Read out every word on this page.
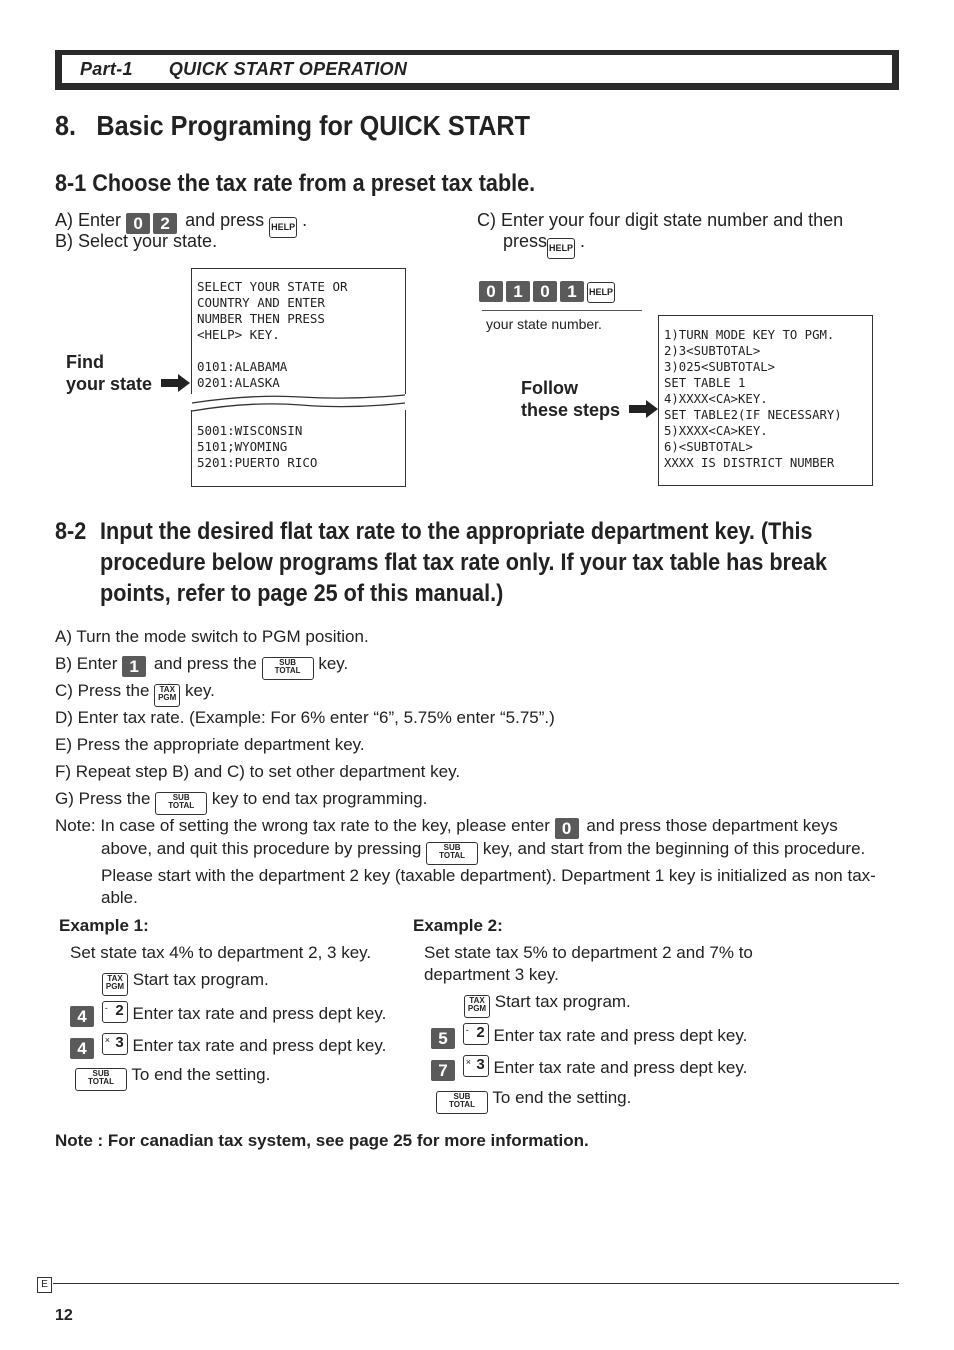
Part-1 QUICK START OPERATION
8. Basic Programing for QUICK START
8-1 Choose the tax rate from a preset tax table.
A) Enter 0 2 and press HELP .
B) Select your state.
C) Enter your four digit state number and then
press HELP .
SELECT YOUR STATE OR
COUNTRY AND ENTER
NUMBER THEN PRESS
<HELP> KEY.
0101:ALABAMA
0201:ALASKA
5001:WISCONSIN
5101;WYOMING
5201:PUERTO RICO
Find
your state
0 1 0 1 HELP
your state number.
Follow
these steps
1)TURN MODE KEY TO PGM.
2)3<SUBTOTAL>
3)025<SUBTOTAL>
SET TABLE 1
4)XXXX<CA>KEY.
SET TABLE2(IF NECESSARY)
5)XXXX<CA>KEY.
6)<SUBTOTAL>
XXXX IS DISTRICT NUMBER
8-2 Input the desired flat tax rate to the appropriate department key. (This
procedure below programs flat tax rate only. If your tax table has break
points, refer to page 25 of this manual.)
A) Turn the mode switch to PGM position.
B) Enter 1 and press the	SUB
TOTAL	key.
C) Press the	TAX
PGM key.
D) Enter tax rate. (Example: For 6% enter “6”, 5.75% enter “5.75”.)
E) Press the appropriate department key.
F) Repeat step B) and C) to set other department key.
G) Press the	SUB
TOTAL	key to end tax programming.
Note: In case of setting the wrong tax rate to the key, please enter 0 and press those department keys
above, and quit this procedure by pressing	SUB
TOTAL	key, and start from the beginning of this procedure.
Please start with the department 2 key (taxable department). Department 1 key is initialized as non tax-
able.
Example 1:
Set state tax 4% to department 2, 3 key.
TAX
PGM Start tax program.
4 - 2 Enter tax rate and press dept key.
4 × 3 Enter tax rate and press dept key.
SUB
TOTAL	To end the setting.
Example 2:
Set state tax 5% to department 2 and 7% to
department 3 key.
TAX
PGM Start tax program.
5 - 2 Enter tax rate and press dept key.
7 × 3 Enter tax rate and press dept key.
SUB
TOTAL	To end the setting.
Note : For canadian tax system, see page 25 for more information.
E
12
